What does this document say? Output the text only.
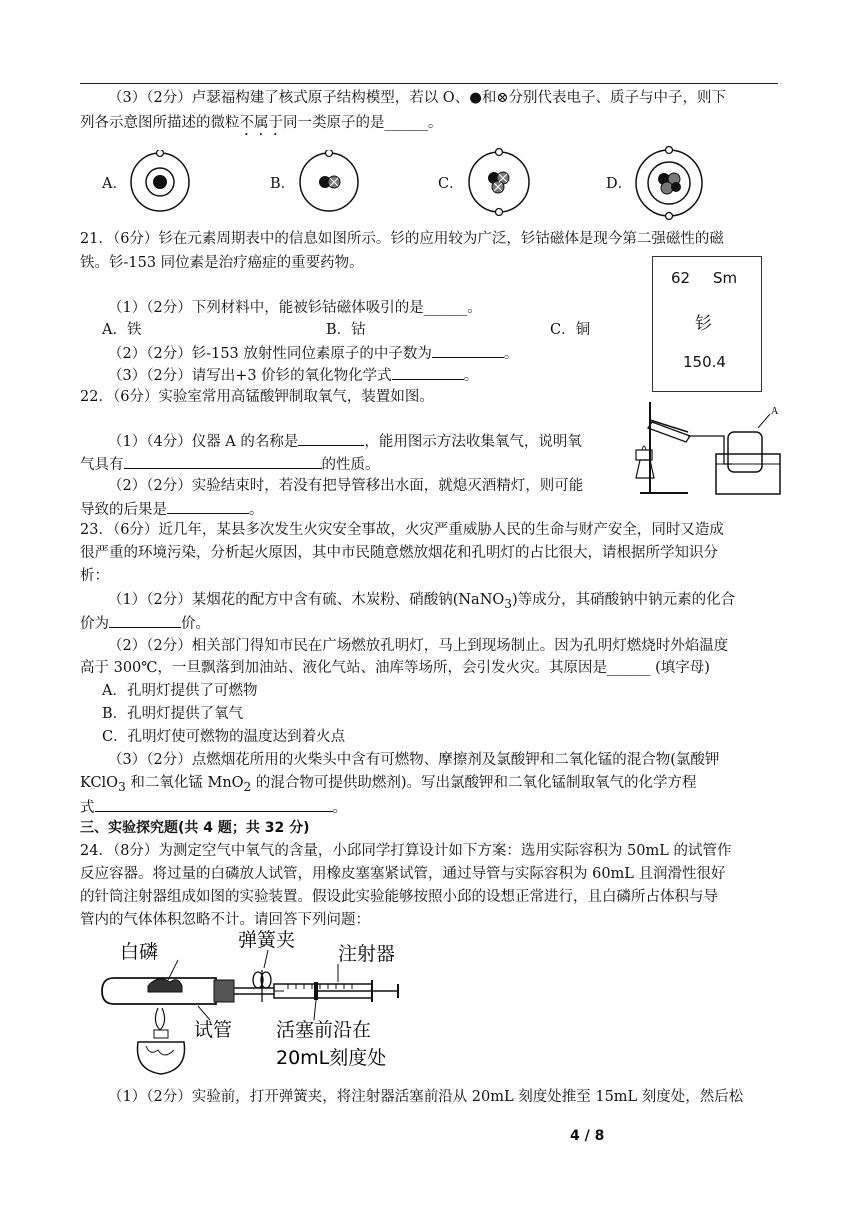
（3）（2分）卢瑟福构建了核式原子结构模型，若以 O、●和⊗分别代表电子、质子与中子，则下
列各示意图所描述的微粒不属于同一类原子的是______。
A．	B．	C．	D．
21．（6分）钐在元素周期表中的信息如图所示。钐的应用较为广泛，钐钴磁体是现今第二强磁性的磁
铁。钐-153 同位素是治疗癌症的重要药物。
62 Sm
钐
150.4
（1）（2分）下列材料中，能被钐钴磁体吸引的是______。
A．铁	B．钴	C．铜
（2）（2分）钐-153 放射性同位素原子的中子数为	。
（3）（2分）请写出+3 价钐的氧化物化学式	。
22．（6分）实验室常用高锰酸钾制取氧气，装置如图。
（1）（4分）仪器 A 的名称是	，能用图示方法收集氧气，说明氧
气具有	的性质。
（2）（2分）实验结束时，若没有把导管移出水面，就熄灭酒精灯，则可能
导致的后果是	。
A
23．（6分）近几年，某县多次发生火灾安全事故，火灾严重威胁人民的生命与财产安全，同时又造成
很严重的环境污染，分析起火原因，其中市民随意燃放烟花和孔明灯的占比很大，请根据所学知识分
析：
（1）（2分）某烟花的配方中含有硫、木炭粉、硝酸钠(NaNO$_3$)等成分，其硝酸钠中钠元素的化合
价为	价。
（2）（2分）相关部门得知市民在广场燃放孔明灯，马上到现场制止。因为孔明灯燃烧时外焰温度
高于 300℃，一旦飘落到加油站、液化气站、油库等场所，会引发火灾。其原因是______ (填字母)
A．孔明灯提供了可燃物
B．孔明灯提供了氧气
C．孔明灯使可燃物的温度达到着火点
（3）（2分）点燃烟花所用的火柴头中含有可燃物、摩擦剂及氯酸钾和二氧化锰的混合物(氯酸钾
KClO$_3$ 和二氧化锰 MnO$_2$ 的混合物可提供助燃剂)。写出氯酸钾和二氧化锰制取氧气的化学方程
式	。
三、实验探究题(共 4 题；共 32 分)
24．（8分）为测定空气中氧气的含量，小邱同学打算设计如下方案：选用实际容积为 50mL 的试管作
反应容器。将过量的白磷放人试管，用橡皮塞塞紧试管，通过导管与实际容积为 60mL 且润滑性很好
的针筒注射器组成如图的实验装置。假设此实验能够按照小邱的设想正常进行，且白磷所占体积与导
管内的气体体积忽略不计。请回答下列问题：
白磷
弹簧夹
注射器
试管 活塞前沿在
20mL刻度处
（1）（2分）实验前，打开弹簧夹，将注射器活塞前沿从 20mL 刻度处推至 15mL 刻度处，然后松
4 / 8
